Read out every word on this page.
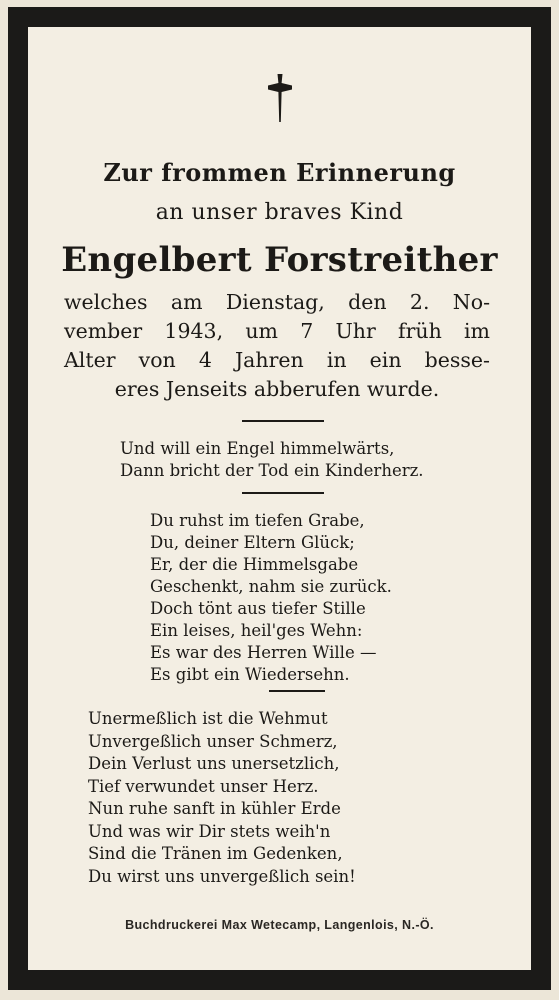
Zur frommen Erinnerung
an unser braves Kind
Engelbert Forstreither
welches am Dienstag, den 2. No-
vember 1943, um 7 Uhr früh im
Alter von 4 Jahren in ein besse-
eres Jenseits abberufen wurde.
Und will ein Engel himmelwärts,
Dann bricht der Tod ein Kinderherz.
Du ruhst im tiefen Grabe,
Du, deiner Eltern Glück;
Er, der die Himmelsgabe
Geschenkt, nahm sie zurück.
Doch tönt aus tiefer Stille
Ein leises, heil'ges Wehn:
Es war des Herren Wille —
Es gibt ein Wiedersehn.
Unermeßlich ist die Wehmut
Unvergeßlich unser Schmerz,
Dein Verlust uns unersetzlich,
Tief verwundet unser Herz.
Nun ruhe sanft in kühler Erde
Und was wir Dir stets weih'n
Sind die Tränen im Gedenken,
Du wirst uns unvergeßlich sein!
Buchdruckerei Max Wetecamp, Langenlois, N.-Ö.
